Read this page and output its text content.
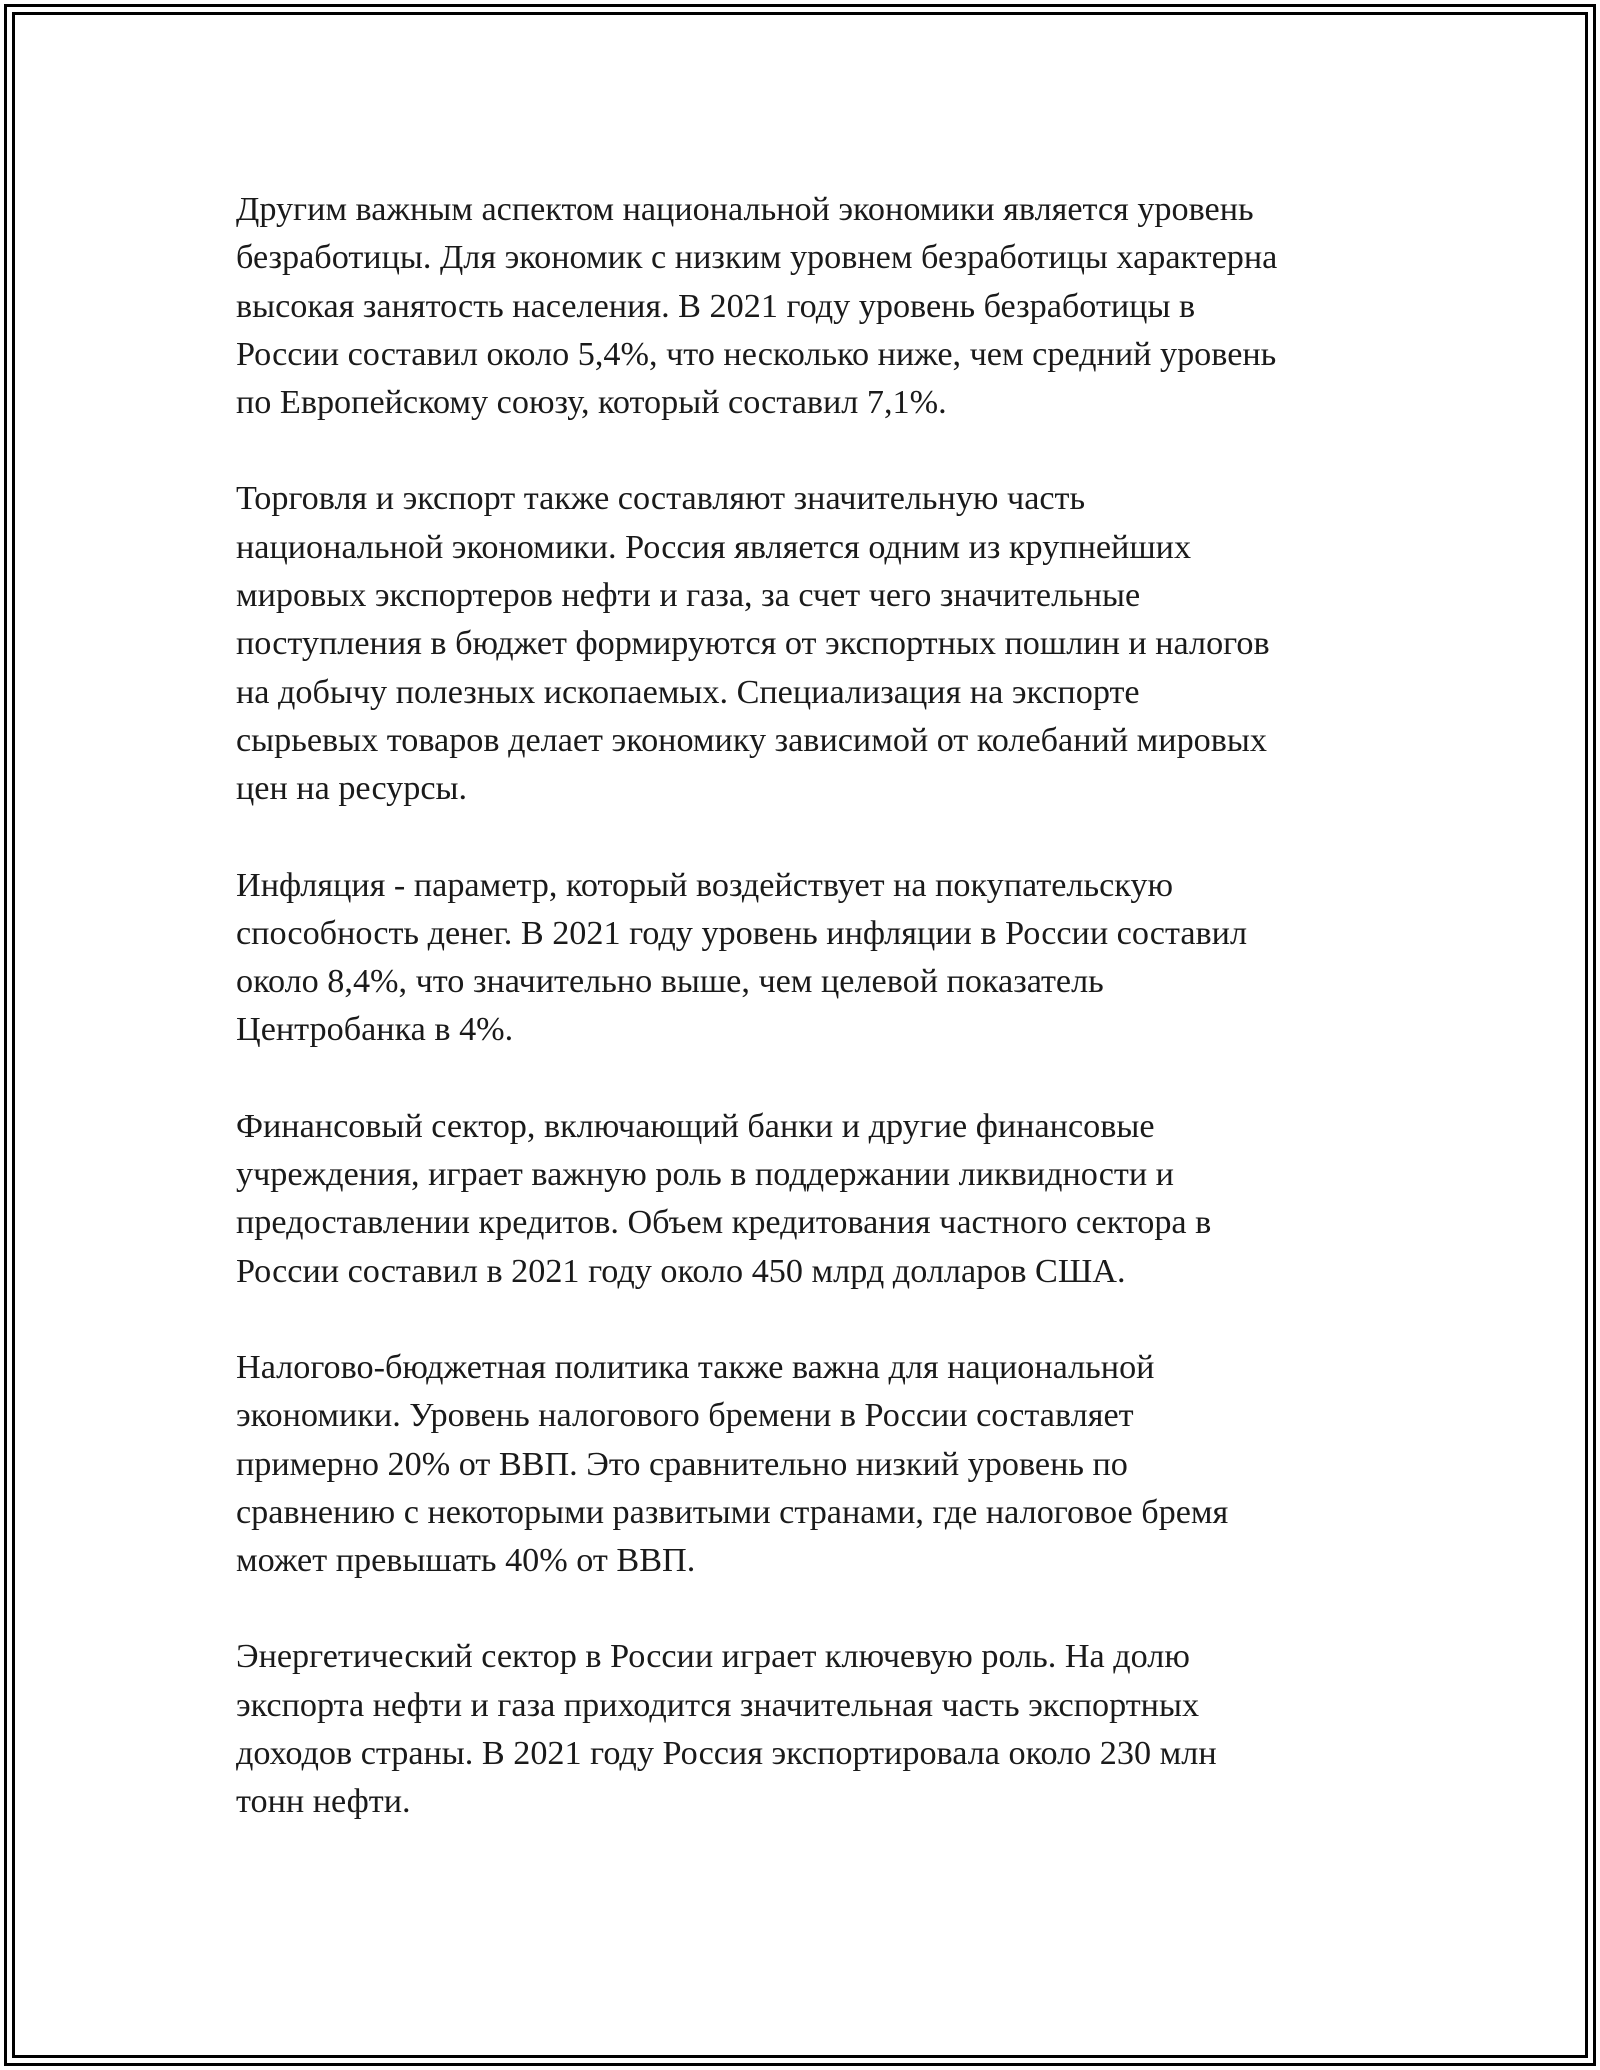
Другим важным аспектом национальной экономики является уровень
безработицы. Для экономик с низким уровнем безработицы характерна
высокая занятость населения. В 2021 году уровень безработицы в
России составил около 5,4%, что несколько ниже, чем средний уровень
по Европейскому союзу, который составил 7,1%.

Торговля и экспорт также составляют значительную часть
национальной экономики. Россия является одним из крупнейших
мировых экспортеров нефти и газа, за счет чего значительные
поступления в бюджет формируются от экспортных пошлин и налогов
на добычу полезных ископаемых. Специализация на экспорте
сырьевых товаров делает экономику зависимой от колебаний мировых
цен на ресурсы.

Инфляция - параметр, который воздействует на покупательскую
способность денег. В 2021 году уровень инфляции в России составил
около 8,4%, что значительно выше, чем целевой показатель
Центробанка в 4%.

Финансовый сектор, включающий банки и другие финансовые
учреждения, играет важную роль в поддержании ликвидности и
предоставлении кредитов. Объем кредитования частного сектора в
России составил в 2021 году около 450 млрд долларов США.

Налогово-бюджетная политика также важна для национальной
экономики. Уровень налогового бремени в России составляет
примерно 20% от ВВП. Это сравнительно низкий уровень по
сравнению с некоторыми развитыми странами, где налоговое бремя
может превышать 40% от ВВП.

Энергетический сектор в России играет ключевую роль. На долю
экспорта нефти и газа приходится значительная часть экспортных
доходов страны. В 2021 году Россия экспортировала около 230 млн
тонн нефти.
